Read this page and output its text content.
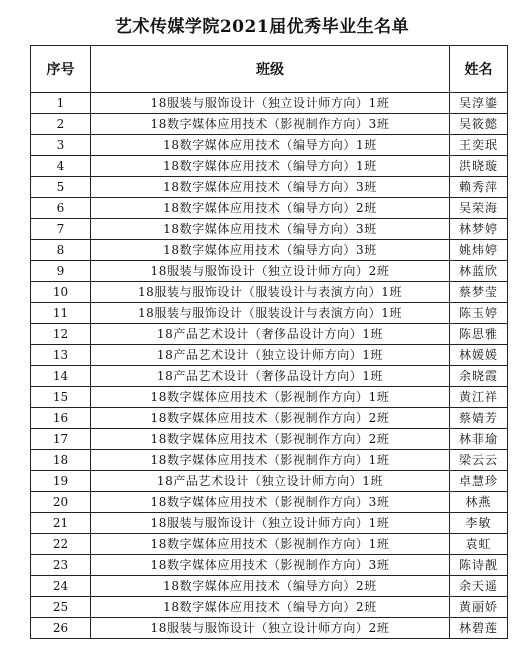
艺术传媒学院2021届优秀毕业生名单
序号	班级	姓名
1	18服装与服饰设计（独立设计师方向）1班	吴淳鎏
2	18数字媒体应用技术（影视制作方向）3班	吴筱懿
3	18数字媒体应用技术（编导方向）1班	王奕珉
4	18数字媒体应用技术（编导方向）1班	洪晓璇
5	18数字媒体应用技术（编导方向）3班	赖秀萍
6	18数字媒体应用技术（编导方向）2班	吴荣海
7	18数字媒体应用技术（编导方向）3班	林梦婷
8	18数字媒体应用技术（编导方向）3班	姚炜婷
9	18服装与服饰设计（独立设计师方向）2班	林蓝欣
10	18服装与服饰设计（服装设计与表演方向）1班	蔡梦莹
11	18服装与服饰设计（服装设计与表演方向）1班	陈玉婷
12	18产品艺术设计（奢侈品设计方向）1班	陈思雅
13	18产品艺术设计（独立设计师方向）1班	林媛媛
14	18产品艺术设计（奢侈品设计方向）1班	余晓霞
15	18数字媒体应用技术（影视制作方向）1班	黄江祥
16	18数字媒体应用技术（影视制作方向）2班	蔡婧芳
17	18数字媒体应用技术（影视制作方向）2班	林菲瑜
18	18数字媒体应用技术（影视制作方向）1班	梁云云
19	18产品艺术设计（独立设计师方向）1班	卓慧珍
20	18数字媒体应用技术（影视制作方向）3班	林燕
21	18服装与服饰设计（独立设计师方向）1班	李敏
22	18数字媒体应用技术（影视制作方向）1班	袁虹
23	18数字媒体应用技术（影视制作方向）3班	陈诗靓
24	18数字媒体应用技术（编导方向）2班	余天遥
25	18数字媒体应用技术（编导方向）2班	黄丽娇
26	18服装与服饰设计（独立设计师方向）2班	林碧莲
